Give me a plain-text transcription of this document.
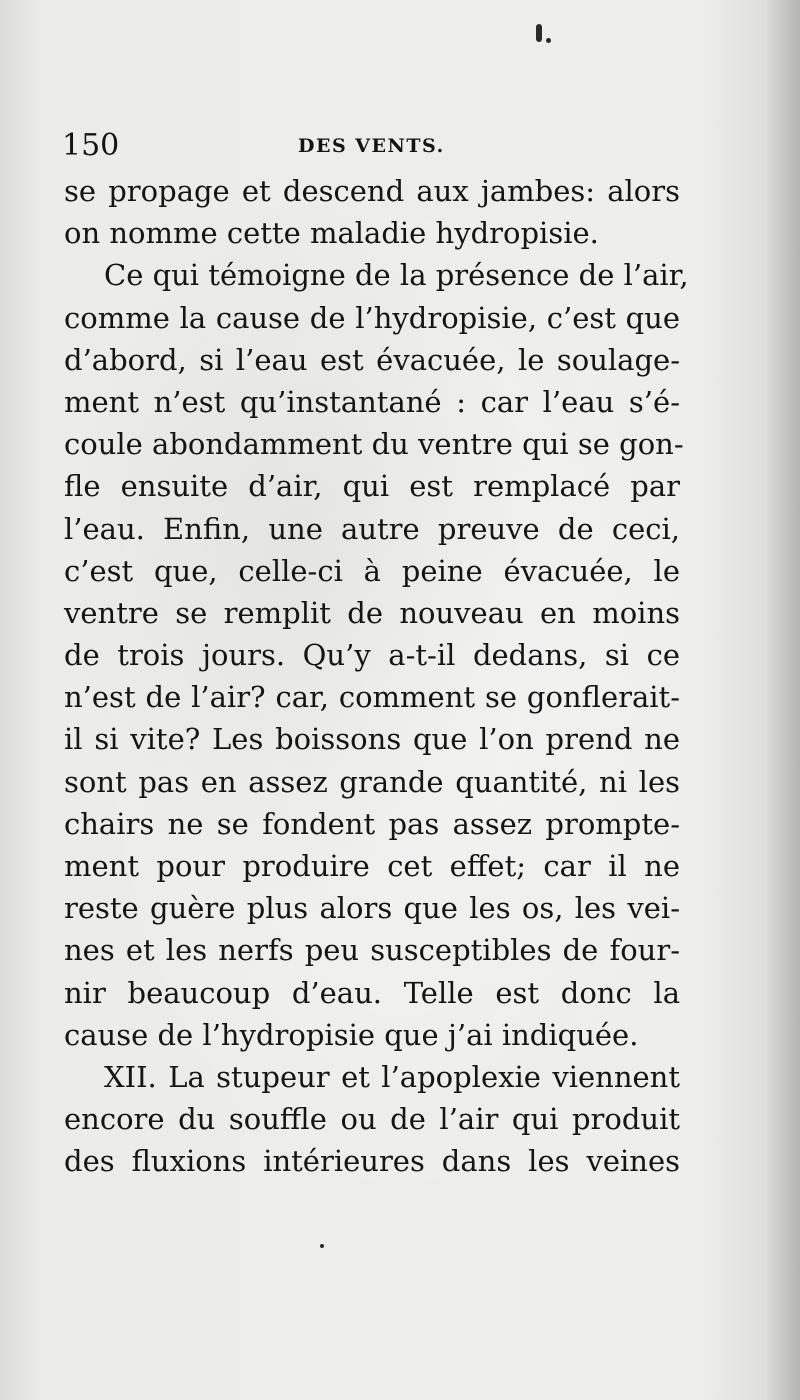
150	DES VENTS.
se propage et descend aux jambes: alors
on nomme cette maladie hydropisie.
Ce qui témoigne de la présence de l’air,
comme la cause de l’hydropisie, c’est que
d’abord, si l’eau est évacuée, le soulage-
ment n’est qu’instantané : car l’eau s’é-
coule abondamment du ventre qui se gon-
fle ensuite d’air, qui est remplacé par
l’eau. Enfin, une autre preuve de ceci,
c’est que, celle-ci à peine évacuée, le
ventre se remplit de nouveau en moins
de trois jours. Qu’y a-t-il dedans, si ce
n’est de l’air? car, comment se gonflerait-
il si vite? Les boissons que l’on prend ne
sont pas en assez grande quantité, ni les
chairs ne se fondent pas assez prompte-
ment pour produire cet effet; car il ne
reste guère plus alors que les os, les vei-
nes et les nerfs peu susceptibles de four-
nir beaucoup d’eau. Telle est donc la
cause de l’hydropisie que j’ai indiquée.
XII. La stupeur et l’apoplexie viennent
encore du souffle ou de l’air qui produit
des fluxions intérieures dans les veines
